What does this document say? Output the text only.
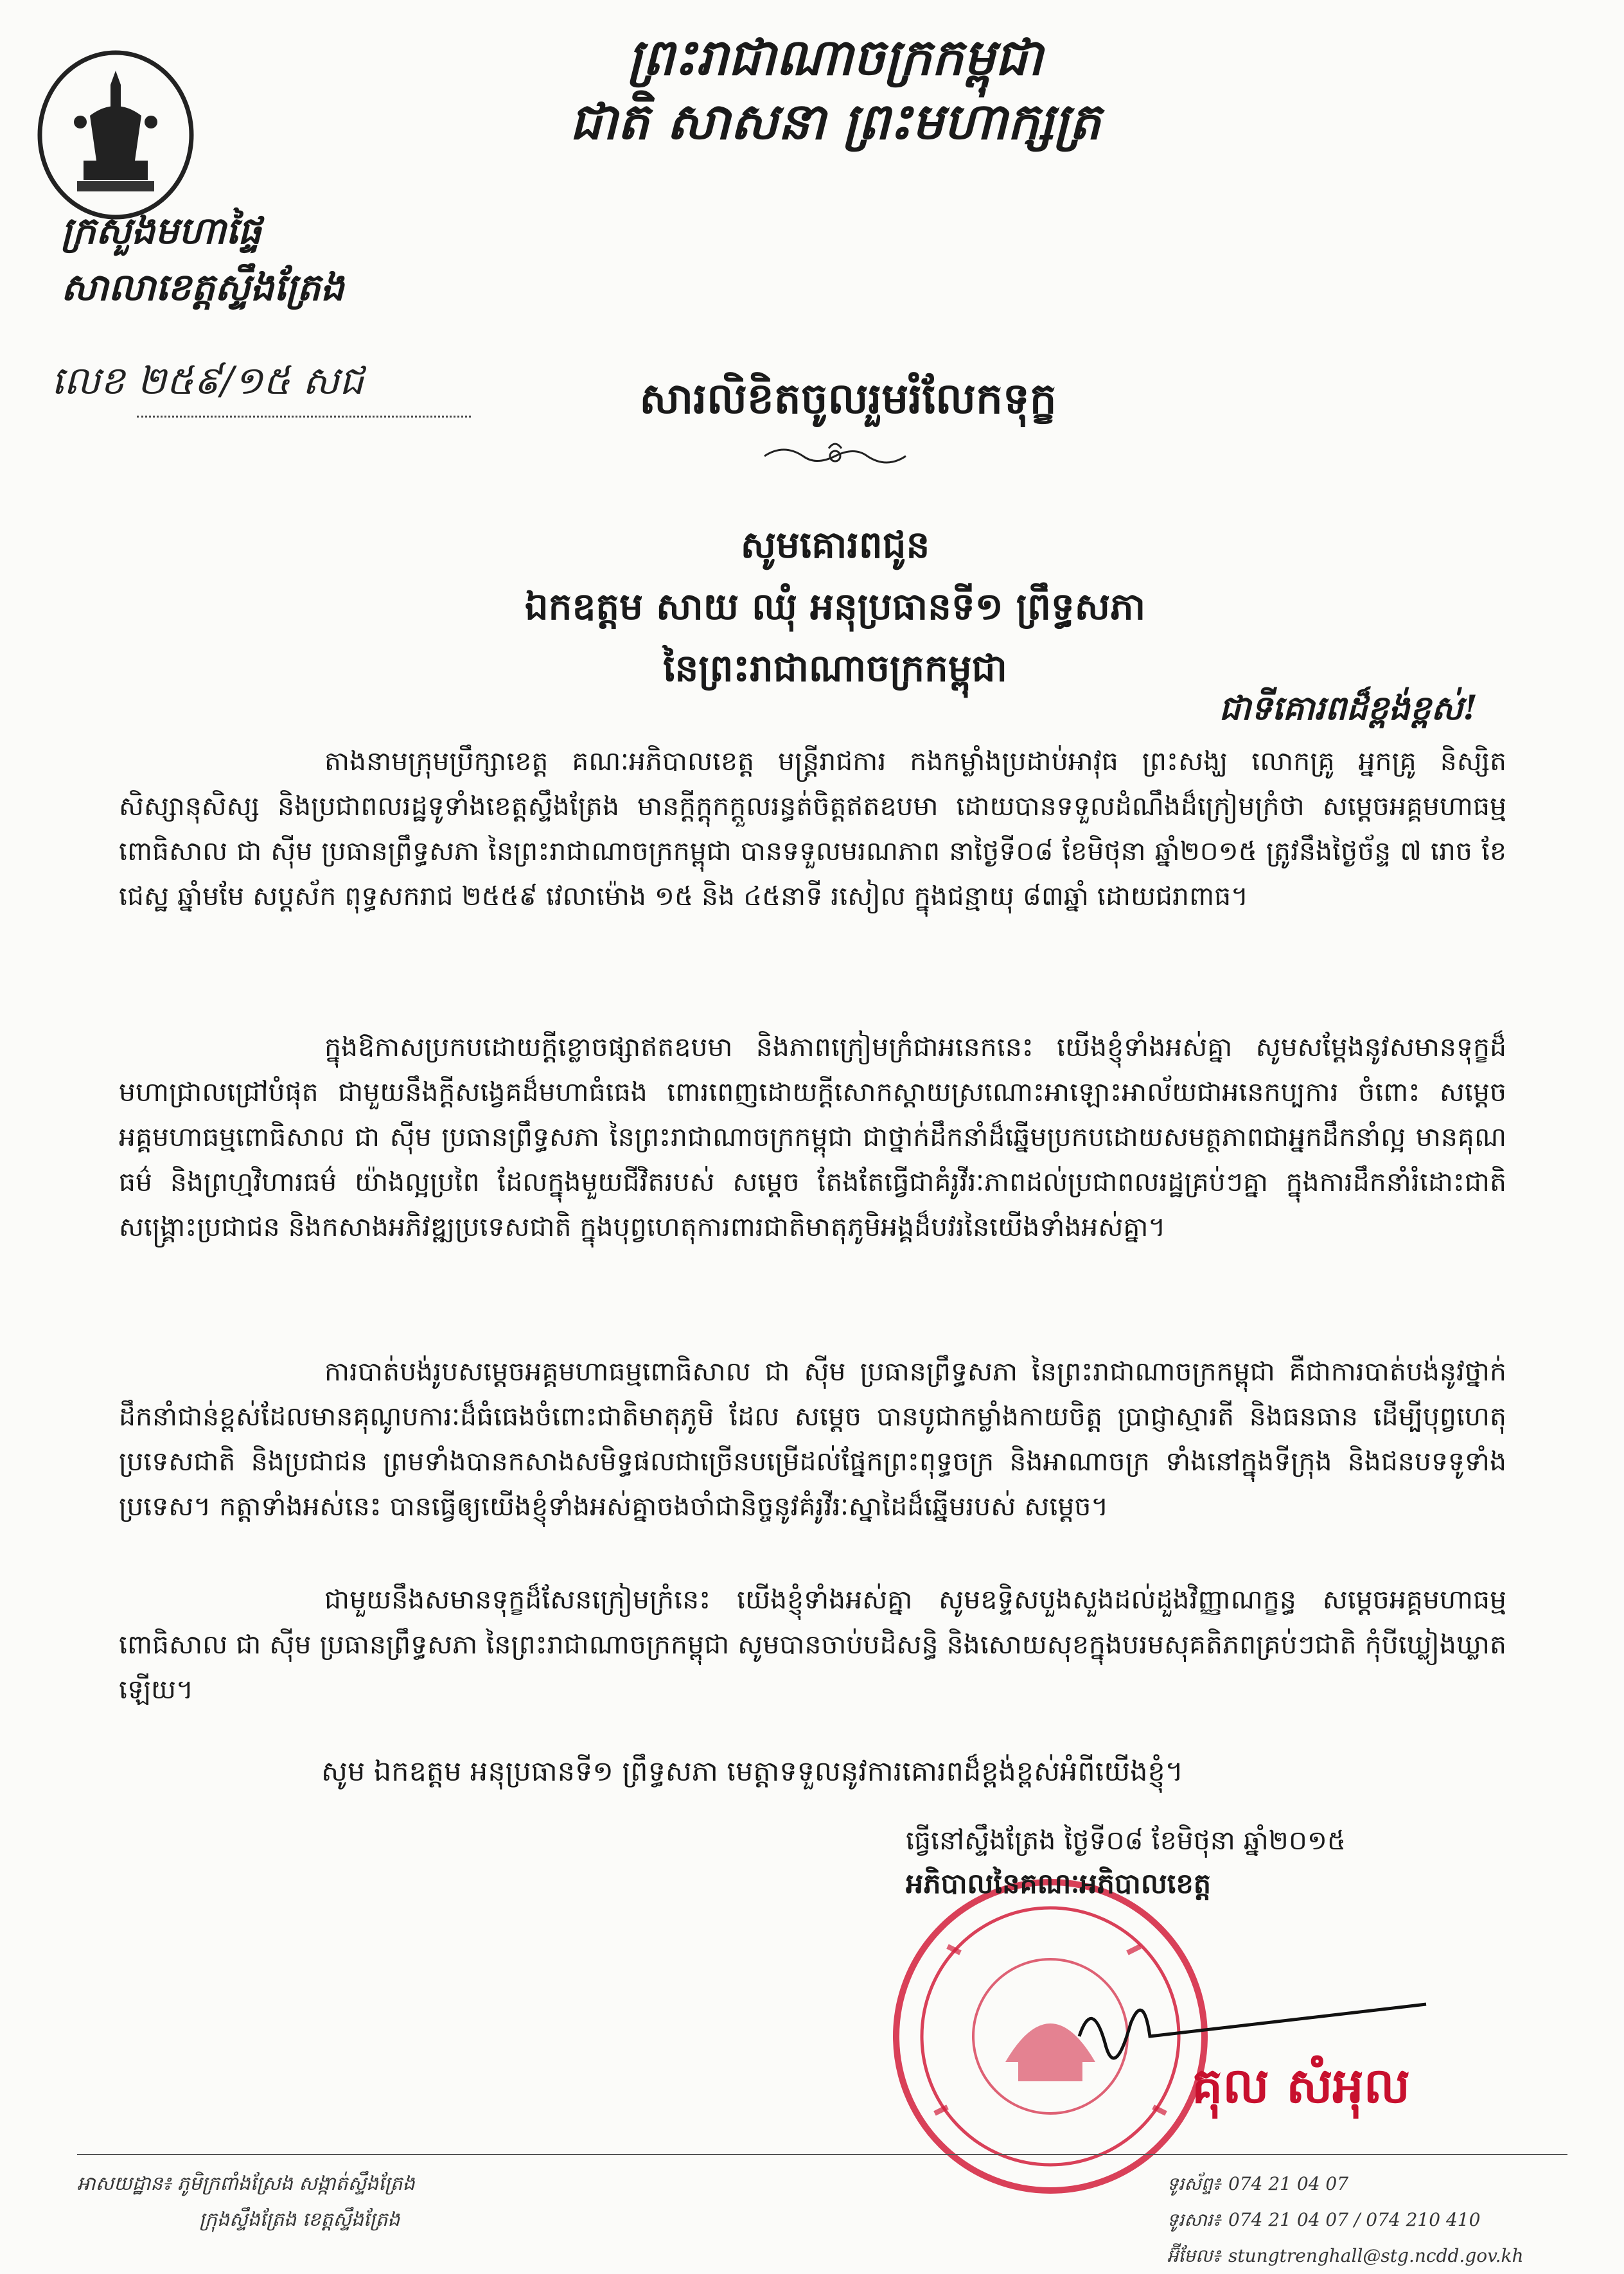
ព្រះរាជាណាចក្រកម្ពុជា
ជាតិ សាសនា ព្រះមហាក្សត្រ
ក្រសួងមហាផ្ទៃ
សាលាខេត្តស្ទឹងត្រែង
លេខ ២៥៩/១៥ សជ	សារលិខិតចូលរួមរំលែកទុក្ខ
សូមគោរពជូន
ឯកឧត្តម សាយ ឈុំ អនុប្រធានទី១ ព្រឹទ្ធសភា
នៃព្រះរាជាណាចក្រកម្ពុជា
ជាទីគោរពដ៏ខ្ពង់ខ្ពស់!
តាងនាមក្រុមប្រឹក្សាខេត្ត គណៈអភិបាលខេត្ត មន្ត្រីរាជការ កងកម្លាំងប្រដាប់អាវុធ ព្រះសង្ឃ លោកគ្រូ អ្នកគ្រូ និស្សិត សិស្សានុសិស្ស និងប្រជាពលរដ្ឋទូទាំងខេត្តស្ទឹងត្រែង មានក្តីក្តុកក្តួលរន្ធត់ចិត្តឥតឧបមា ដោយបានទទួលដំណឹងដ៏ក្រៀមក្រំថា សម្តេចអគ្គមហាធម្មពោធិសាល ជា ស៊ីម ប្រធានព្រឹទ្ធសភា នៃព្រះរាជាណាចក្រកម្ពុជា បានទទួលមរណភាព នាថ្ងៃទី០៨ ខែមិថុនា ឆ្នាំ២០១៥ ត្រូវនឹងថ្ងៃច័ន្ទ ៧ រោច ខែជេស្ឋ ឆ្នាំមមែ សប្តស័ក ពុទ្ធសករាជ ២៥៥៩ វេលាម៉ោង ១៥ និង ៤៥នាទី រសៀល ក្នុងជន្មាយុ ៨៣ឆ្នាំ ដោយជរាពាធ។
ក្នុងឱកាសប្រកបដោយក្តីខ្លោចផ្សាឥតឧបមា និងភាពក្រៀមក្រំជាអនេកនេះ យើងខ្ញុំទាំងអស់គ្នា សូមសម្តែងនូវសមានទុក្ខដ៏មហាជ្រាលជ្រៅបំផុត ជាមួយនឹងក្តីសង្វេគដ៏មហាធំធេង ពោរពេញដោយក្តីសោកស្តាយស្រណោះអាឡោះអាល័យជាអនេកប្បការ ចំពោះ សម្តេចអគ្គមហាធម្មពោធិសាល ជា ស៊ីម ប្រធានព្រឹទ្ធសភា នៃព្រះរាជាណាចក្រកម្ពុជា ជាថ្នាក់ដឹកនាំដ៏ឆ្នើមប្រកបដោយសមត្ថភាពជាអ្នកដឹកនាំល្អ មានគុណធម៌ និងព្រហ្មវិហារធម៌ យ៉ាងល្អប្រពៃ ដែលក្នុងមួយជីវិតរបស់ សម្តេច តែងតែធ្វើជាគំរូវីរៈភាពដល់ប្រជាពលរដ្ឋគ្រប់ៗគ្នា ក្នុងការដឹកនាំរំដោះជាតិ សង្គ្រោះប្រជាជន និងកសាងអភិវឌ្ឍប្រទេសជាតិ ក្នុងបុព្វហេតុការពារជាតិមាតុភូមិអង្គដ៏បវរនៃយើងទាំងអស់គ្នា។
ការបាត់បង់រូបសម្តេចអគ្គមហាធម្មពោធិសាល ជា ស៊ីម ប្រធានព្រឹទ្ធសភា នៃព្រះរាជាណាចក្រកម្ពុជា គឺជាការបាត់បង់នូវថ្នាក់ដឹកនាំជាន់ខ្ពស់ដែលមានគុណូបការៈដ៏ធំធេងចំពោះជាតិមាតុភូមិ ដែល សម្តេច បានបូជាកម្លាំងកាយចិត្ត ប្រាជ្ញាស្មារតី និងធនធាន ដើម្បីបុព្វហេតុប្រទេសជាតិ និងប្រជាជន ព្រមទាំងបានកសាងសមិទ្ធផលជាច្រើនបម្រើដល់ផ្នែកព្រះពុទ្ធចក្រ និងអាណាចក្រ ទាំងនៅក្នុងទីក្រុង និងជនបទទូទាំងប្រទេស។ កត្តាទាំងអស់នេះ បានធ្វើឲ្យយើងខ្ញុំទាំងអស់គ្នាចងចាំជានិច្ចនូវគំរូវីរៈស្នាដៃដ៏ឆ្នើមរបស់ សម្តេច។
ជាមួយនឹងសមានទុក្ខដ៏សែនក្រៀមក្រំនេះ យើងខ្ញុំទាំងអស់គ្នា សូមឧទ្ទិសបួងសួងដល់ដួងវិញ្ញាណក្ខន្ធ សម្តេចអគ្គមហាធម្មពោធិសាល ជា ស៊ីម ប្រធានព្រឹទ្ធសភា នៃព្រះរាជាណាចក្រកម្ពុជា សូមបានចាប់បដិសន្ធិ និងសោយសុខក្នុងបរមសុគតិភពគ្រប់ៗជាតិ កុំបីឃ្លៀងឃ្លាតឡើយ។
សូម ឯកឧត្តម អនុប្រធានទី១ ព្រឹទ្ធសភា មេត្តាទទួលនូវការគោរពដ៏ខ្ពង់ខ្ពស់អំពីយើងខ្ញុំ។
ធ្វើនៅស្ទឹងត្រែង ថ្ងៃទី០៨ ខែមិថុនា ឆ្នាំ២០១៥
អភិបាលនៃគណៈអភិបាលខេត្ត
គុល សំអុល
អាសយដ្ឋាន៖ ភូមិក្រពាំងស្រែង សង្កាត់ស្ទឹងត្រែង
ក្រុងស្ទឹងត្រែង ខេត្តស្ទឹងត្រែង
ទូរស័ព្ទ៖ 074 21 04 07
ទូរសារ៖ 074 21 04 07 / 074 210 410
អ៊ីមែល៖ stungtrenghall@stg.ncdd.gov.kh
